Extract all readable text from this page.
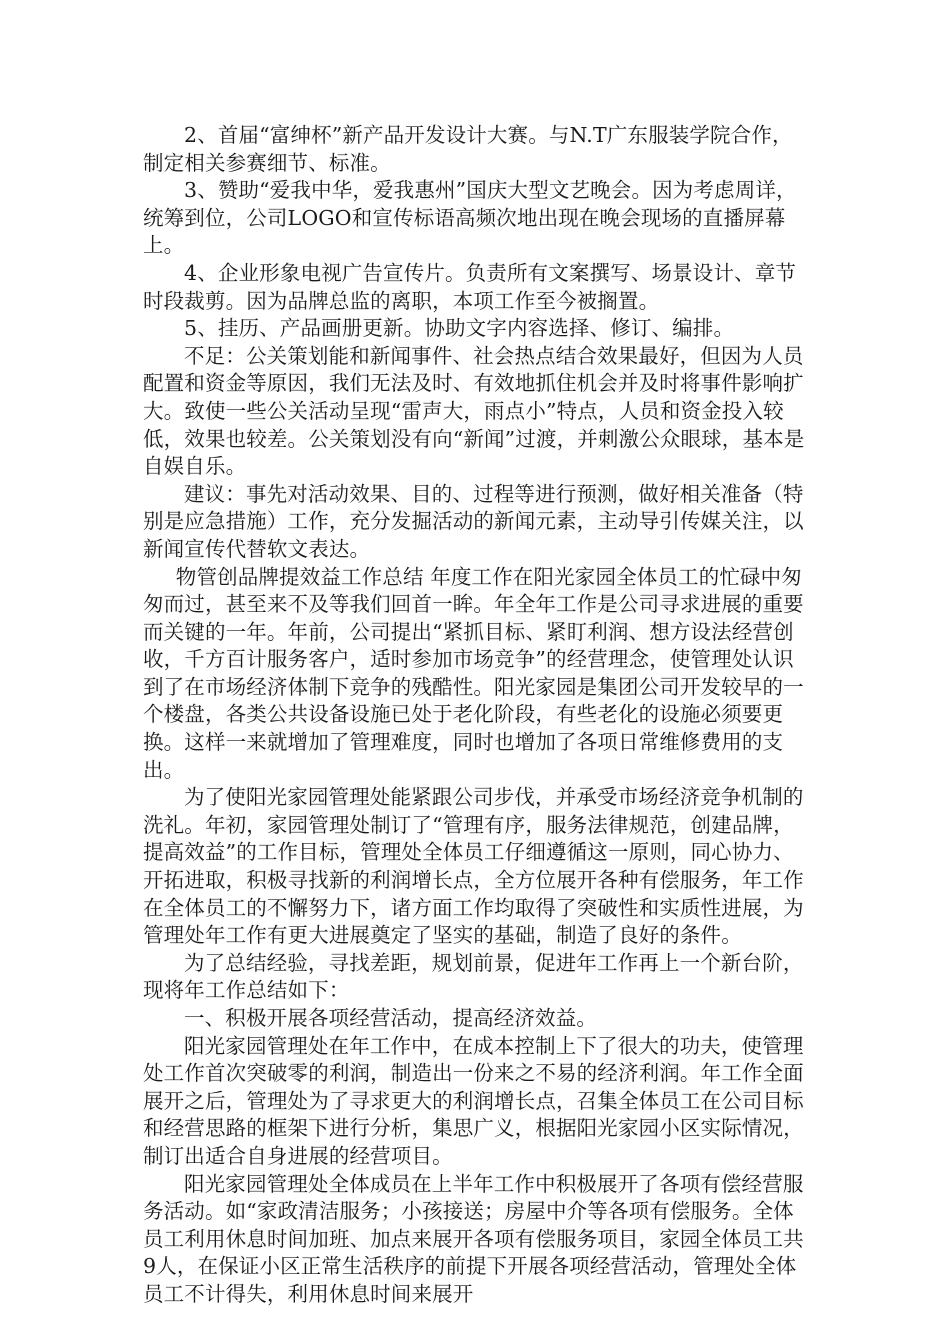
2、首届“富绅杯”新产品开发设计大赛。与N.T广东服装学院合作，制定相关参赛细节、标准。

3、赞助“爱我中华，爱我惠州”国庆大型文艺晚会。因为考虑周详，统筹到位，公司LOGO和宣传标语高频次地出现在晚会现场的直播屏幕上。

4、企业形象电视广告宣传片。负责所有文案撰写、场景设计、章节时段裁剪。因为品牌总监的离职，本项工作至今被搁置。

5、挂历、产品画册更新。协助文字内容选择、修订、编排。

不足：公关策划能和新闻事件、社会热点结合效果最好，但因为人员配置和资金等原因，我们无法及时、有效地抓住机会并及时将事件影响扩大。致使一些公关活动呈现“雷声大，雨点小”特点，人员和资金投入较低，效果也较差。公关策划没有向“新闻”过渡，并刺激公众眼球，基本是自娱自乐。

建议：事先对活动效果、目的、过程等进行预测，做好相关准备（特别是应急措施）工作，充分发掘活动的新闻元素，主动导引传媒关注，以新闻宣传代替软文表达。

物管创品牌提效益工作总结 年度工作在阳光家园全体员工的忙碌中匆匆而过，甚至来不及等我们回首一眸。年全年工作是公司寻求进展的重要而关键的一年。年前，公司提出“紧抓目标、紧盯利润、想方设法经营创收，千方百计服务客户，适时参加市场竞争”的经营理念，使管理处认识到了在市场经济体制下竞争的残酷性。阳光家园是集团公司开发较早的一个楼盘，各类公共设备设施已处于老化阶段，有些老化的设施必须要更换。这样一来就增加了管理难度，同时也增加了各项日常维修费用的支出。

为了使阳光家园管理处能紧跟公司步伐，并承受市场经济竞争机制的洗礼。年初，家园管理处制订了“管理有序，服务法律规范，创建品牌，提高效益”的工作目标，管理处全体员工仔细遵循这一原则，同心协力、开拓进取，积极寻找新的利润增长点，全方位展开各种有偿服务，年工作在全体员工的不懈努力下，诸方面工作均取得了突破性和实质性进展，为管理处年工作有更大进展奠定了坚实的基础，制造了良好的条件。

为了总结经验，寻找差距，规划前景，促进年工作再上一个新台阶，现将年工作总结如下：

一、积极开展各项经营活动，提高经济效益。

阳光家园管理处在年工作中，在成本控制上下了很大的功夫，使管理处工作首次突破零的利润，制造出一份来之不易的经济利润。年工作全面展开之后，管理处为了寻求更大的利润增长点，召集全体员工在公司目标和经营思路的框架下进行分析，集思广义，根据阳光家园小区实际情况，制订出适合自身进展的经营项目。

阳光家园管理处全体成员在上半年工作中积极展开了各项有偿经营服务活动。如“家政清洁服务；小孩接送；房屋中介等各项有偿服务。全体员工利用休息时间加班、加点来展开各项有偿服务项目，家园全体员工共9人，在保证小区正常生活秩序的前提下开展各项经营活动，管理处全体员工不计得失，利用休息时间来展开
